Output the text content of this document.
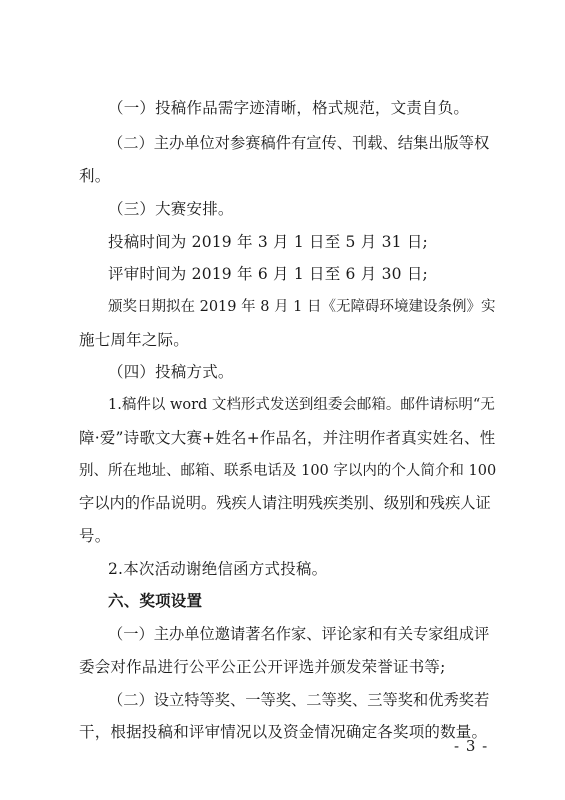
（一）投稿作品需字迹清晰，格式规范，文责自负。
（二）主办单位对参赛稿件有宣传、刊载、结集出版等权
利。
（三）大赛安排。
投稿时间为 2019 年 3 月 1 日至 5 月 31 日;
评审时间为 2019 年 6 月 1 日至 6 月 30 日;
颁奖日期拟在 2019 年 8 月 1 日《无障碍环境建设条例》实
施七周年之际。
（四）投稿方式。
1.稿件以 word 文档形式发送到组委会邮箱。邮件请标明“无
障·爱”诗歌文大赛+姓名+作品名，并注明作者真实姓名、性
别、所在地址、邮箱、联系电话及 100 字以内的个人简介和 100
字以内的作品说明。残疾人请注明残疾类别、级别和残疾人证
号。
2.本次活动谢绝信函方式投稿。
六、奖项设置
（一）主办单位邀请著名作家、评论家和有关专家组成评
委会对作品进行公平公正公开评选并颁发荣誉证书等;
（二）设立特等奖、一等奖、二等奖、三等奖和优秀奖若
干，根据投稿和评审情况以及资金情况确定各奖项的数量。
- 3 -
